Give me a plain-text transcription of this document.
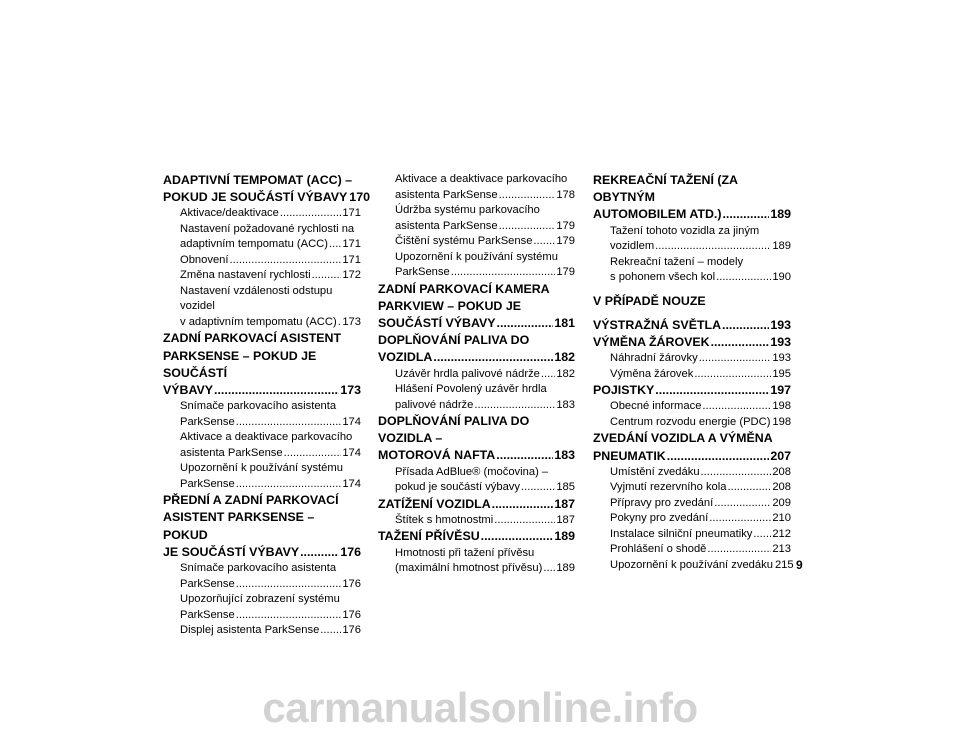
ADAPTIVNÍ TEMPOMAT (ACC) –
POKUD JE SOUČÁSTÍ VÝBAVY 170
Aktivace/deaktivace .....	171
Nastavení požadované rychlosti na
adaptivním tempomatu (ACC) ..... 171
Obnovení .....	171
Změna nastavení rychlosti .....	172
Nastavení vzdálenosti odstupu vozidel
v adaptivním tempomatu (ACC) ..... 173
ZADNÍ PARKOVACÍ ASISTENT
PARKSENSE – POKUD JE SOUČÁSTÍ
VÝBAVY .....	173
Snímače parkovacího asistenta
ParkSense .....	174
Aktivace a deaktivace parkovacího
asistenta ParkSense .....	174
Upozornění k používání systému
ParkSense .....	174
PŘEDNÍ A ZADNÍ PARKOVACÍ
ASISTENT PARKSENSE – POKUD
JE SOUČÁSTÍ VÝBAVY .....	176
Snímače parkovacího asistenta
ParkSense .....	176
Upozorňující zobrazení systému
ParkSense .....	176
Displej asistenta ParkSense ..... 176
Aktivace a deaktivace parkovacího
asistenta ParkSense .....	178
Údržba systému parkovacího
asistenta ParkSense .....	179
Čištění systému ParkSense ..... 179
Upozornění k používání systému
ParkSense .....	179
ZADNÍ PARKOVACÍ KAMERA
PARKVIEW – POKUD JE
SOUČÁSTÍ VÝBAVY .....	181
DOPLŇOVÁNÍ PALIVA DO
VOZIDLA .....	182
Uzávěr hrdla palivové nádrže ..... 182
Hlášení Povolený uzávěr hrdla
palivové nádrže .....	183
DOPLŇOVÁNÍ PALIVA DO VOZIDLA –
MOTOROVÁ NAFTA .....	183
Přísada AdBlue® (močovina) –
pokud je součástí výbavy .....	185
ZATÍŽENÍ VOZIDLA .....	187
Štítek s hmotnostmi .....	187
TAŽENÍ PŘÍVĚSU .....	189
Hmotnosti při tažení přívěsu
(maximální hmotnost přívěsu) ..... 189
REKREAČNÍ TAŽENÍ (ZA OBYTNÝM
AUTOMOBILEM ATD.) .....	189
Tažení tohoto vozidla za jiným
vozidlem .....	189
Rekreační tažení – modely
s pohonem všech kol .....	190
V PŘÍPADĚ NOUZE
VÝSTRAŽNÁ SVĚTLA .....	193
VÝMĚNA ŽÁROVEK .....	193
Náhradní žárovky .....	193
Výměna žárovek .....	195
POJISTKY .....	197
Obecné informace .....	198
Centrum rozvodu energie (PDC) 198
ZVEDÁNÍ VOZIDLA A VÝMĚNA
PNEUMATIK .....	207
Umístění zvedáku .....	208
Vyjmutí rezervního kola .....	208
Přípravy pro zvedání .....	209
Pokyny pro zvedání .....	210
Instalace silniční pneumatiky ..... 212
Prohlášení o shodě .....	213
Upozornění k používání zvedáku 215 9
carmanualsonline.info
